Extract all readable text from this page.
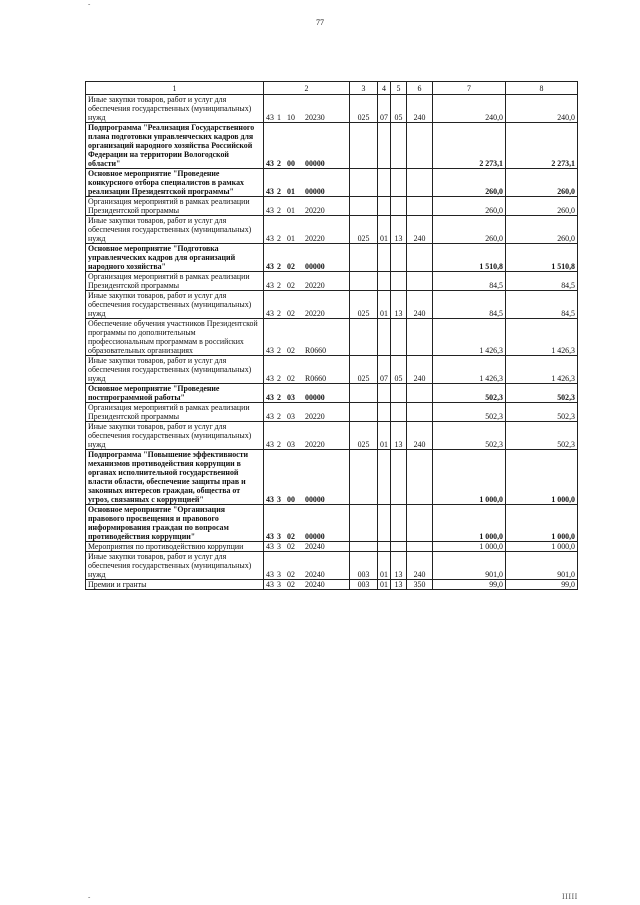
-
77
1	2	3	4	5	6	7	8
Иные закупки товаров, работ и услуг для обеспечения государственных (муниципальных) нужд	43 1 10 20230	025	07	05	240	240,0	240,0
Подпрограмма "Реализация Государственного плана подготовки управленческих кадров для организаций народного хозяйства Российской Федерации на территории Вологодской области"	43 2 00 00000					2 273,1	2 273,1
Основное мероприятие "Проведение конкурсного отбора специалистов в рамках реализации Президентской программы"	43 2 01 00000					260,0	260,0
Организация мероприятий в рамках реализации Президентской программы	43 2 01 20220					260,0	260,0
Иные закупки товаров, работ и услуг для обеспечения государственных (муниципальных) нужд	43 2 01 20220	025	01	13	240	260,0	260,0
Основное мероприятие "Подготовка управленческих кадров для организаций народного хозяйства"	43 2 02 00000					1 510,8	1 510,8
Организация мероприятий в рамках реализации Президентской программы	43 2 02 20220					84,5	84,5
Иные закупки товаров, работ и услуг для обеспечения государственных (муниципальных) нужд	43 2 02 20220	025	01	13	240	84,5	84,5
Обеспечение обучения участников Президентской программы по дополнительным профессиональным программам в российских образовательных организациях	43 2 02 R0660					1 426,3	1 426,3
Иные закупки товаров, работ и услуг для обеспечения государственных (муниципальных) нужд	43 2 02 R0660	025	07	05	240	1 426,3	1 426,3
Основное мероприятие "Проведение постпрограммной работы"	43 2 03 00000					502,3	502,3
Организация мероприятий в рамках реализации Президентской программы	43 2 03 20220					502,3	502,3
Иные закупки товаров, работ и услуг для обеспечения государственных (муниципальных) нужд	43 2 03 20220	025	01	13	240	502,3	502,3
Подпрограмма "Повышение эффективности механизмов противодействия коррупции в органах исполнительной государственной власти области, обеспечение защиты прав и законных интересов граждан, общества от угроз, связанных с коррупцией"	43 3 00 00000					1 000,0	1 000,0
Основное мероприятие "Организация правового просвещения и правового информирования граждан по вопросам противодействия коррупции"	43 3 02 00000					1 000,0	1 000,0
Мероприятия по противодействию коррупции	43 3 02 20240					1 000,0	1 000,0
Иные закупки товаров, работ и услуг для обеспечения государственных (муниципальных) нужд	43 3 02 20240	003	01	13	240	901,0	901,0
Премии и гранты	43 3 02 20240	003	01	13	350	99,0	99,0
-	IIIII
